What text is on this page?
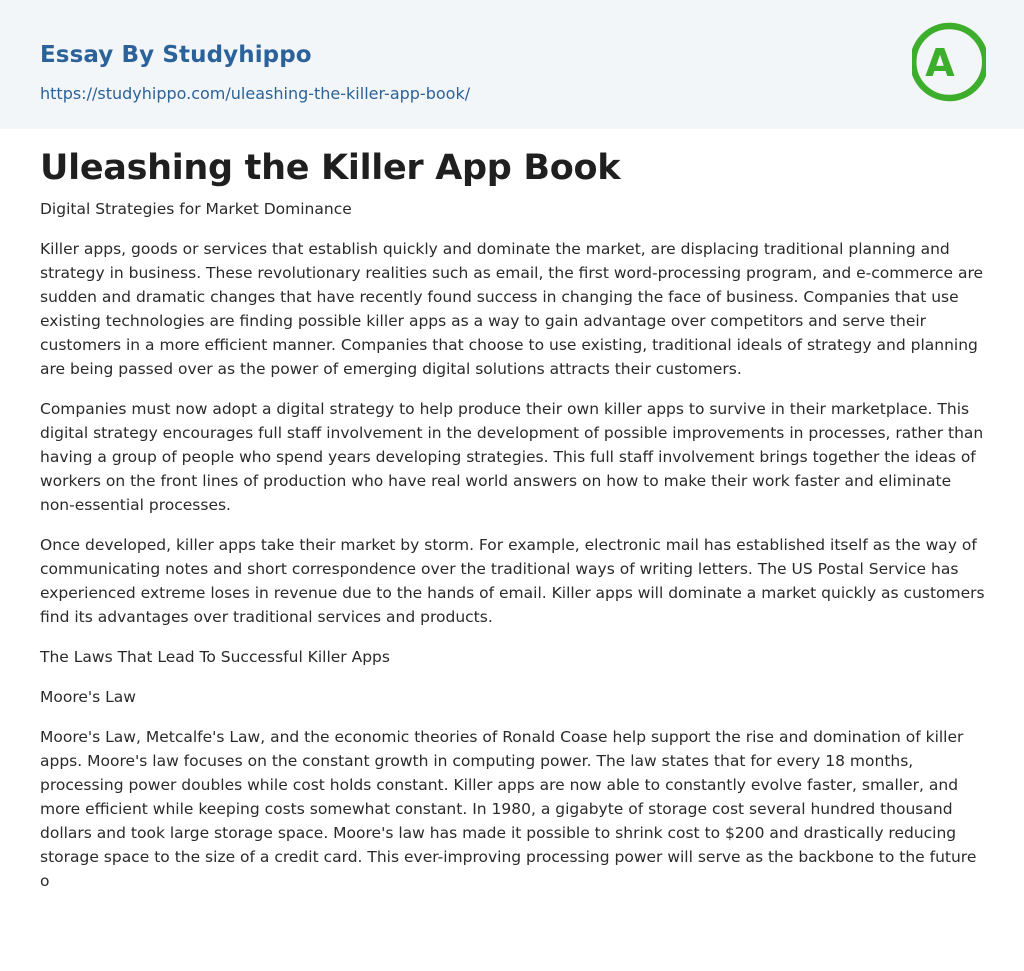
Essay By Studyhippo
https://studyhippo.com/uleashing-the-killer-app-book/
A
Uleashing the Killer App Book

Digital Strategies for Market Dominance

Killer apps, goods or services that establish quickly and dominate the market, are displacing traditional planning and strategy in business. These revolutionary realities such as email, the first word-processing program, and e-commerce are sudden and dramatic changes that have recently found success in changing the face of business. Companies that use existing technologies are finding possible killer apps as a way to gain advantage over competitors and serve their customers in a more efficient manner. Companies that choose to use existing, traditional ideals of strategy and planning are being passed over as the power of emerging digital solutions attracts their customers.

Companies must now adopt a digital strategy to help produce their own killer apps to survive in their marketplace. This digital strategy encourages full staff involvement in the development of possible improvements in processes, rather than having a group of people who spend years developing strategies. This full staff involvement brings together the ideas of workers on the front lines of production who have real world answers on how to make their work faster and eliminate non-essential processes.

Once developed, killer apps take their market by storm. For example, electronic mail has established itself as the way of communicating notes and short correspondence over the traditional ways of writing letters. The US Postal Service has experienced extreme loses in revenue due to the hands of email. Killer apps will dominate a market quickly as customers find its advantages over traditional services and products.

The Laws That Lead To Successful Killer Apps

Moore's Law

Moore's Law, Metcalfe's Law, and the economic theories of Ronald Coase help support the rise and domination of killer apps. Moore's law focuses on the constant growth in computing power. The law states that for every 18 months, processing power doubles while cost holds constant. Killer apps are now able to constantly evolve faster, smaller, and more efficient while keeping costs somewhat constant. In 1980, a gigabyte of storage cost several hundred thousand dollars and took large storage space. Moore's law has made it possible to shrink cost to $200 and drastically reducing storage space to the size of a credit card. This ever-improving processing power will serve as the backbone to the future o
